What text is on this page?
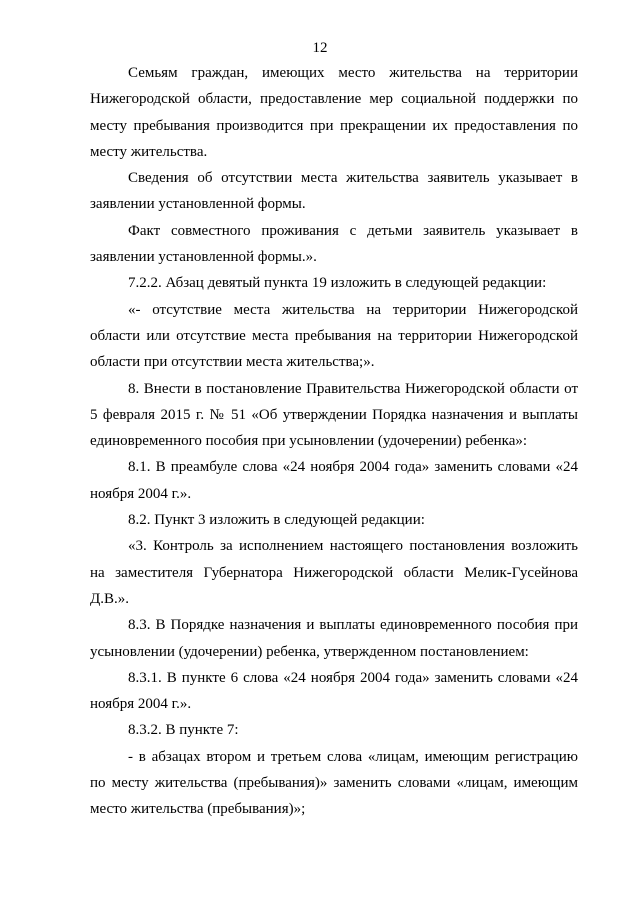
12

Семьям граждан, имеющих место жительства на территории Нижегородской области, предоставление мер социальной поддержки по месту пребывания производится при прекращении их предоставления по месту жительства.

Сведения об отсутствии места жительства заявитель указывает в заявлении установленной формы.

Факт совместного проживания с детьми заявитель указывает в заявлении установленной формы.».

7.2.2. Абзац девятый пункта 19 изложить в следующей редакции:

«- отсутствие места жительства на территории Нижегородской области или отсутствие места пребывания на территории Нижегородской области при отсутствии места жительства;».

8. Внести в постановление Правительства Нижегородской области от 5 февраля 2015 г. № 51 «Об утверждении Порядка назначения и выплаты единовременного пособия при усыновлении (удочерении) ребенка»:

8.1. В преамбуле слова «24 ноября 2004 года» заменить словами «24 ноября 2004 г.».

8.2. Пункт 3 изложить в следующей редакции:

«3. Контроль за исполнением настоящего постановления возложить на заместителя Губернатора Нижегородской области Мелик-Гусейнова Д.В.».

8.3. В Порядке назначения и выплаты единовременного пособия при усыновлении (удочерении) ребенка, утвержденном постановлением:

8.3.1. В пункте 6 слова «24 ноября 2004 года» заменить словами «24 ноября 2004 г.».

8.3.2. В пункте 7:

- в абзацах втором и третьем слова «лицам, имеющим регистрацию по месту жительства (пребывания)» заменить словами «лицам, имеющим место жительства (пребывания)»;
